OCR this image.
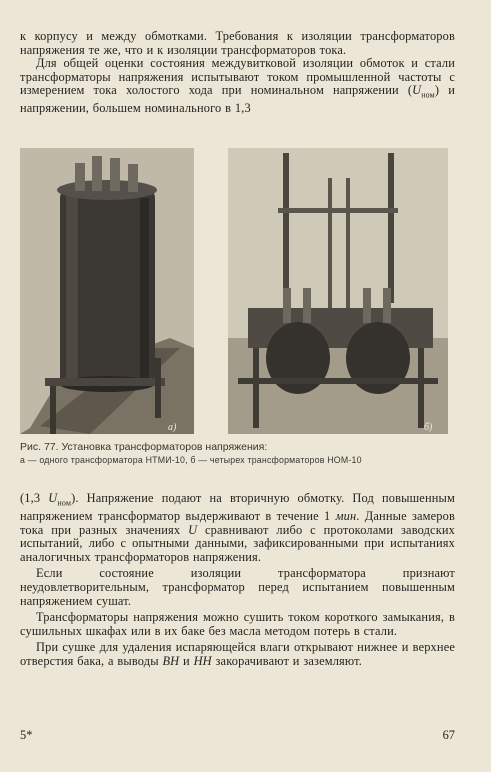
к корпусу и между обмотками. Требования к изоляции трансформаторов напряжения те же, что и к изоляции трансформаторов тока.

Для общей оценки состояния междувитковой изоляции обмоток и стали трансформаторы напряжения испытывают током промышленной частоты с измерением тока холостого хода при номинальном напряжении $(U_{ном})$ и напряжении, большем номинального в 1,3

а)	б)
Рис. 77. Установка трансформаторов напряжения:
а — одного трансформатора НТМИ-10, б — четырех трансформаторов НОМ-10

(1,3 $U_{ном}$). Напряжение подают на вторичную обмотку. Под повышенным напряжением трансформатор выдерживают в течение 1 мин. Данные замеров тока при разных значениях U сравнивают либо с протоколами заводских испытаний, либо с опытными данными, зафиксированными при испытаниях аналогичных трансформаторов напряжения.

Если состояние изоляции трансформатора признают неудовлетворительным, трансформатор перед испытанием повышенным напряжением сушат.

Трансформаторы напряжения можно сушить током короткого замыкания, в сушильных шкафах или в их баке без масла методом потерь в стали.

При сушке для удаления испаряющейся влаги открывают нижнее и верхнее отверстия бака, а выводы ВН и НН закорачивают и заземляют.

5*	67
